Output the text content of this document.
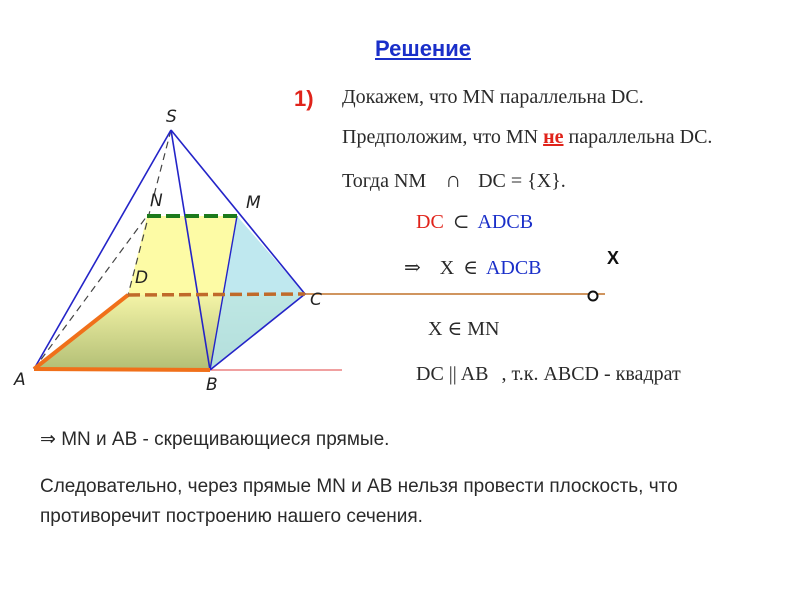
S
N	M
D
C
A	B
X
Решение
1) Докажем, что MN параллельна DC.
Предположим, что MN не параллельна DC.
Тогда NM ∩ DC = {X}.
DC ⊂ ADCB
⇒ X ∈ ADCB
X ∈ MN
DC || AB , т.к. ABCD - квадрат
⇒ MN и AB - скрещивающиеся прямые.
Следовательно, через прямые MN и AB нельзя провести плоскость, что
противоречит построению нашего сечения.
